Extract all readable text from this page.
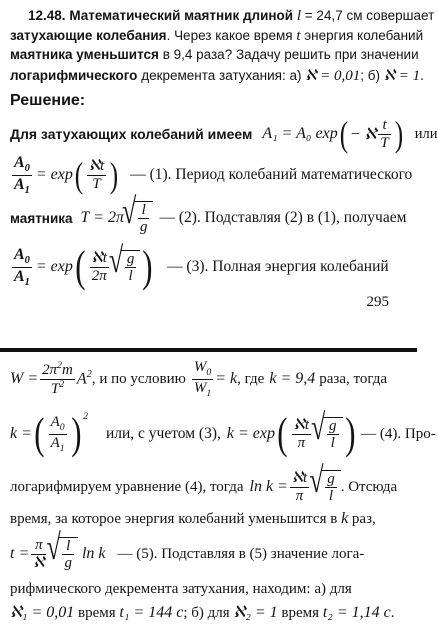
12.48. Математический маятник длиной l = 24,7 см совершает
затухающие колебания. Через какое время t энергия колебаний
маятника уменьшится в 9,4 раза? Задачу решить при значении
логарифмического декремента затухания: а) ℵ = 0,01; б) ℵ = 1.
Решение:
Для затухающих колебаний имеем A₁ = A₀ exp ( − ℵ $\frac{t}{T}$ ) или
$\frac{A_0}{A_1} = \exp$ ( $\frac{\text{ℵt}}{T}$ ) — (1). Период колебаний математического
маятника T = 2π √ $\frac{l}{g}$ — (2). Подставляя (2) в (1), получаем
$\frac{A_0}{A_1} = \exp$ ( $\frac{\text{ℵt}}{2\pi}$ √ $\frac{g}{l}$ ) — (3). Полная энергия колебаний
295
$W = \frac{2\pi^2m}{T^2} A^2$ , и по условию $\frac{W_0}{W_1} = k$ , где k = 9,4 раза, тогда
k = ( $\frac{A_0}{A_1} )^2$
или, с учетом (3), k = exp ( $\frac{\text{ℵt}}{\pi}$ √ $\frac{g}{l}$ ) — (4). Про-
логарифмируем уравнение (4), тогда $\ln k = \frac{\text{ℵt}}{\pi}$ √ $\frac{g}{l}$ . Отсюда
время, за которое энергия колебаний уменьшится в k раз,
$t = \frac{\pi}{\text{ℵ}}$ √ $\frac{l}{g}$ ln k — (5). Подставляя в (5) значение лога-
рифмического декремента затухания, находим: а) для
ℵ₁ = 0,01 время t₁ = 144 с; б) для ℵ₂ = 1 время t₂ = 1,14 с.
